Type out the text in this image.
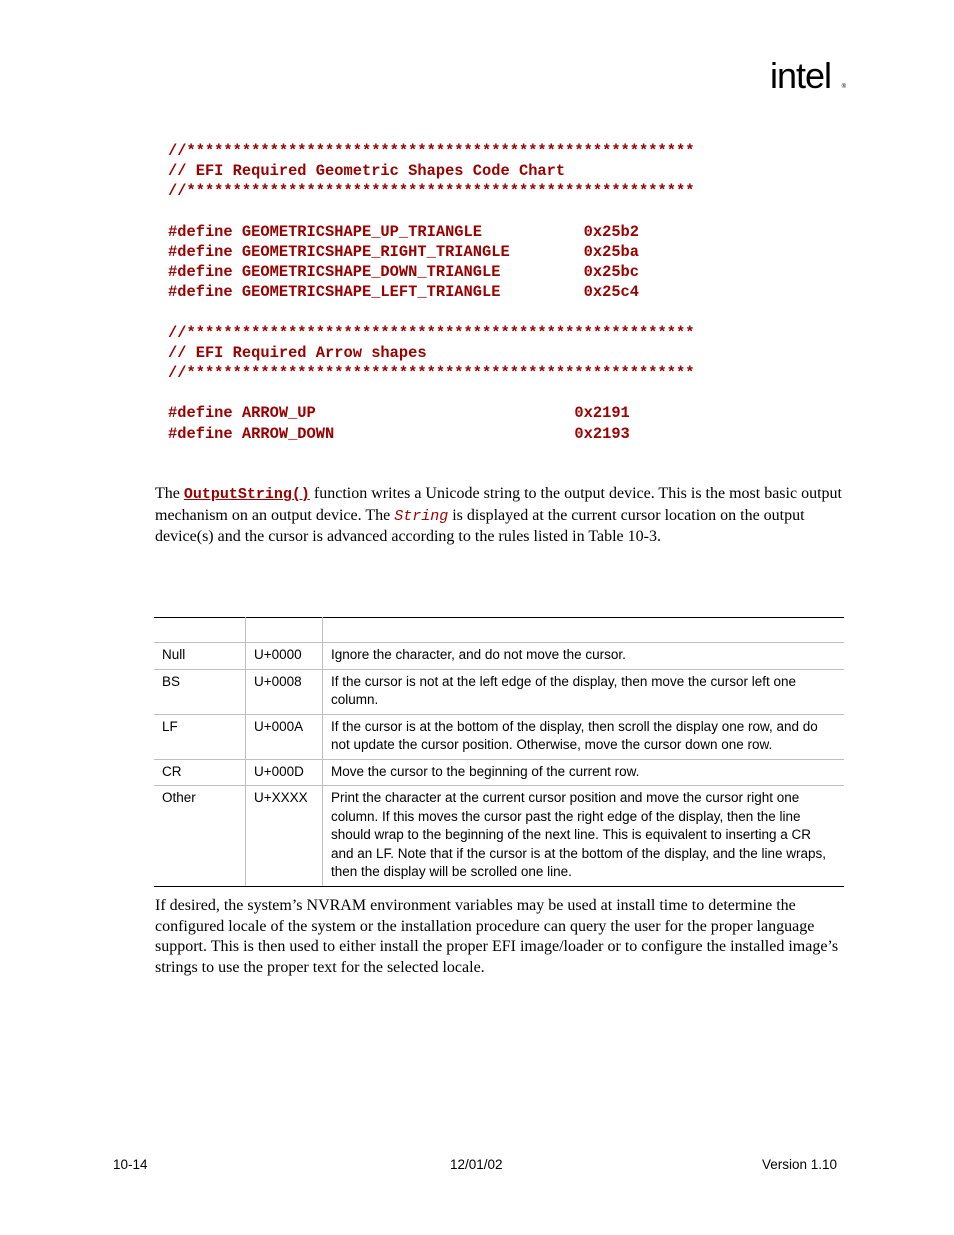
intel ®
//*******************************************************
// EFI Required Geometric Shapes Code Chart
//*******************************************************
#define GEOMETRICSHAPE_UP_TRIANGLE           0x25b2
#define GEOMETRICSHAPE_RIGHT_TRIANGLE        0x25ba
#define GEOMETRICSHAPE_DOWN_TRIANGLE         0x25bc
#define GEOMETRICSHAPE_LEFT_TRIANGLE         0x25c4
//*******************************************************
// EFI Required Arrow shapes
//*******************************************************
#define ARROW_UP                            0x2191
#define ARROW_DOWN                          0x2193
The OutputString() function writes a Unicode string to the output device. This is the most basic output mechanism on an output device. The String is displayed at the current cursor location on the output device(s) and the cursor is advanced according to the rules listed in Table 10-3.

Null	U+0000	Ignore the character, and do not move the cursor.
BS	U+0008	If the cursor is not at the left edge of the display, then move the cursor left one column.
LF	U+000A	If the cursor is at the bottom of the display, then scroll the display one row, and do not update the cursor position. Otherwise, move the cursor down one row.
CR	U+000D	Move the cursor to the beginning of the current row.
Other	U+XXXX	Print the character at the current cursor position and move the cursor right one column. If this moves the cursor past the right edge of the display, then the line should wrap to the beginning of the next line. This is equivalent to inserting a CR and an LF. Note that if the cursor is at the bottom of the display, and the line wraps, then the display will be scrolled one line.
If desired, the system’s NVRAM environment variables may be used at install time to determine the configured locale of the system or the installation procedure can query the user for the proper language support. This is then used to either install the proper EFI image/loader or to configure the installed image’s strings to use the proper text for the selected locale.
10-14	12/01/02	Version 1.10
